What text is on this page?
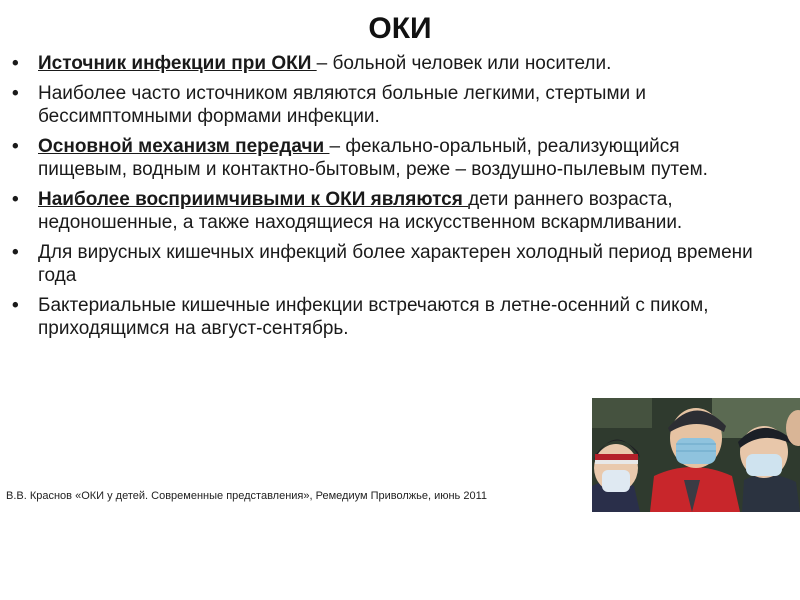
ОКИ
• Источник инфекции при ОКИ – больной человек или носители.
• Наиболее часто источником являются больные легкими, стертыми и бессимптомными формами инфекции.
• Основной механизм передачи – фекально-оральный, реализующийся пищевым, водным и контактно-бытовым, реже – воздушно-пылевым путем.
• Наиболее восприимчивыми к ОКИ являются дети раннего возраста, недоношенные, а также находящиеся на искусственном вскармливании.
• Для вирусных кишечных инфекций более характерен холодный период времени года
• Бактериальные кишечные инфекции встречаются в летне-осенний с пиком, приходящимся на август-сентябрь.
В.В. Краснов «ОКИ у детей. Современные представления», Ремедиум Приволжье, июнь 2011
